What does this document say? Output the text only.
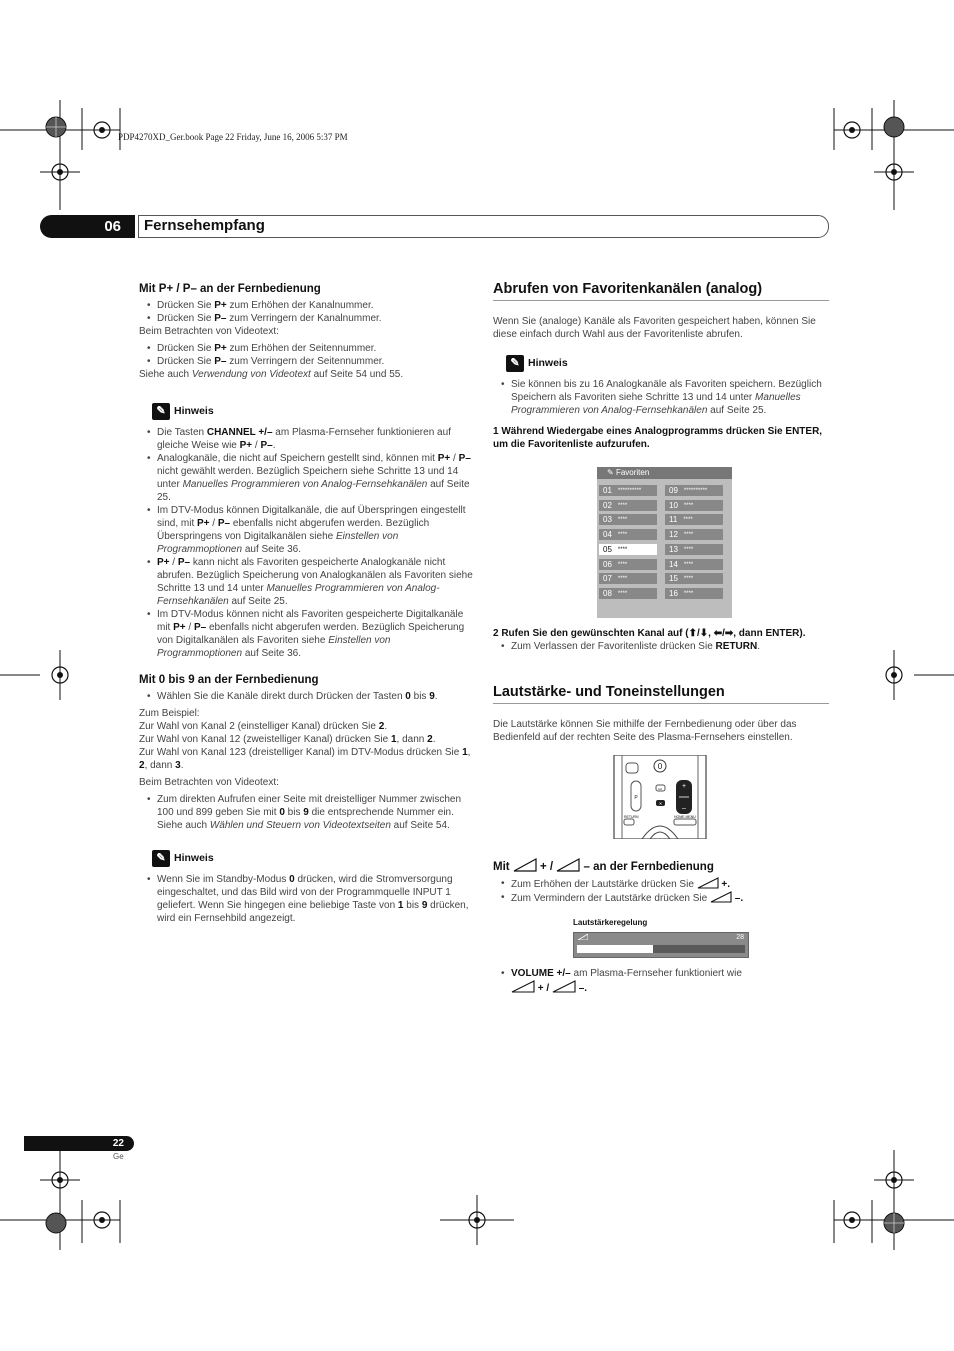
PDP4270XD_Ger.book Page 22 Friday, June 16, 2006 5:37 PM
06	Fernsehempfang
Mit P+ / P– an der Fernbedienung

• Drücken Sie P+ zum Erhöhen der Kanalnummer.

• Drücken Sie P– zum Verringern der Kanalnummer.

Beim Betrachten von Videotext:

• Drücken Sie P+ zum Erhöhen der Seitennummer.

• Drücken Sie P– zum Verringern der Seitennummer.

Siehe auch Verwendung von Videotext auf Seite 54 und 55.

✎ Hinweis

• Die Tasten CHANNEL +/– am Plasma-Fernseher funktionieren auf gleiche Weise wie P+ / P–.

• Analogkanäle, die nicht auf Speichern gestellt sind, können mit P+ / P– nicht gewählt werden. Bezüglich Speichern siehe Schritte 13 und 14 unter Manuelles Programmieren von Analog-Fernsehkanälen auf Seite 25.

• Im DTV-Modus können Digitalkanäle, die auf Überspringen eingestellt sind, mit P+ / P– ebenfalls nicht abgerufen werden. Bezüglich Überspringens von Digitalkanälen siehe Einstellen von Programmoptionen auf Seite 36.

• P+ / P– kann nicht als Favoriten gespeicherte Analogkanäle nicht abrufen. Bezüglich Speicherung von Analogkanälen als Favoriten siehe Schritte 13 und 14 unter Manuelles Programmieren von Analog-Fernsehkanälen auf Seite 25.

• Im DTV-Modus können nicht als Favoriten gespeicherte Digitalkanäle mit P+ / P– ebenfalls nicht abgerufen werden. Bezüglich Speicherung von Digitalkanälen als Favoriten siehe Einstellen von Programmoptionen auf Seite 36.

Mit 0 bis 9 an der Fernbedienung

• Wählen Sie die Kanäle direkt durch Drücken der Tasten 0 bis 9.

Zum Beispiel:

Zur Wahl von Kanal 2 (einstelliger Kanal) drücken Sie 2.

Zur Wahl von Kanal 12 (zweistelliger Kanal) drücken Sie 1, dann 2.

Zur Wahl von Kanal 123 (dreistelliger Kanal) im DTV-Modus drücken Sie 1, 2, dann 3.

Beim Betrachten von Videotext:

• Zum direkten Aufrufen einer Seite mit dreistelliger Nummer zwischen 100 und 899 geben Sie mit 0 bis 9 die entsprechende Nummer ein. Siehe auch Wählen und Steuern von Videotextseiten auf Seite 54.

✎ Hinweis

• Wenn Sie im Standby-Modus 0 drücken, wird die Stromversorgung eingeschaltet, und das Bild wird von der Programmquelle INPUT 1 geliefert. Wenn Sie hingegen eine beliebige Taste von 1 bis 9 drücken, wird ein Fernsehbild angezeigt.

Abrufen von Favoritenkanälen (analog)

Wenn Sie (analoge) Kanäle als Favoriten gespeichert haben, können Sie diese einfach durch Wahl aus der Favoritenliste abrufen.

✎ Hinweis

• Sie können bis zu 16 Analogkanäle als Favoriten speichern. Bezüglich Speichern als Favoriten siehe Schritte 13 und 14 unter Manuelles Programmieren von Analog-Fernsehkanälen auf Seite 25.

1 Während Wiedergabe eines Analogprogramms drücken Sie ENTER, um die Favoritenliste aufzurufen.

✎ Favoriten
01 **********
02 ****
03 ****
04 ****
05 ****
06 ****
07 ****
08 ****
09 **********
10 ****
11 ****
12 ****
13 ****
14 ****
15 ****
16 ****

2 Rufen Sie den gewünschten Kanal auf (⬆/⬇, ⬅/➡, dann ENTER).

• Zum Verlassen der Favoritenliste drücken Sie RETURN.

Lautstärke- und Toneinstellungen

Die Lautstärke können Sie mithilfe der Fernbedienung oder über das Bedienfeld auf der rechten Seite des Plasma-Fernsehers einstellen.

0
P
I+II
✕
+
–
RETURN	HOME MENU
Mit  + /  – an der Fernbedienung

• Zum Erhöhen der Lautstärke drücken Sie  +.

• Zum Vermindern der Lautstärke drücken Sie  –.

Lautstärkeregelung
28

• VOLUME +/– am Plasma-Fernseher funktioniert wie
+ /  –.

22
Ge
